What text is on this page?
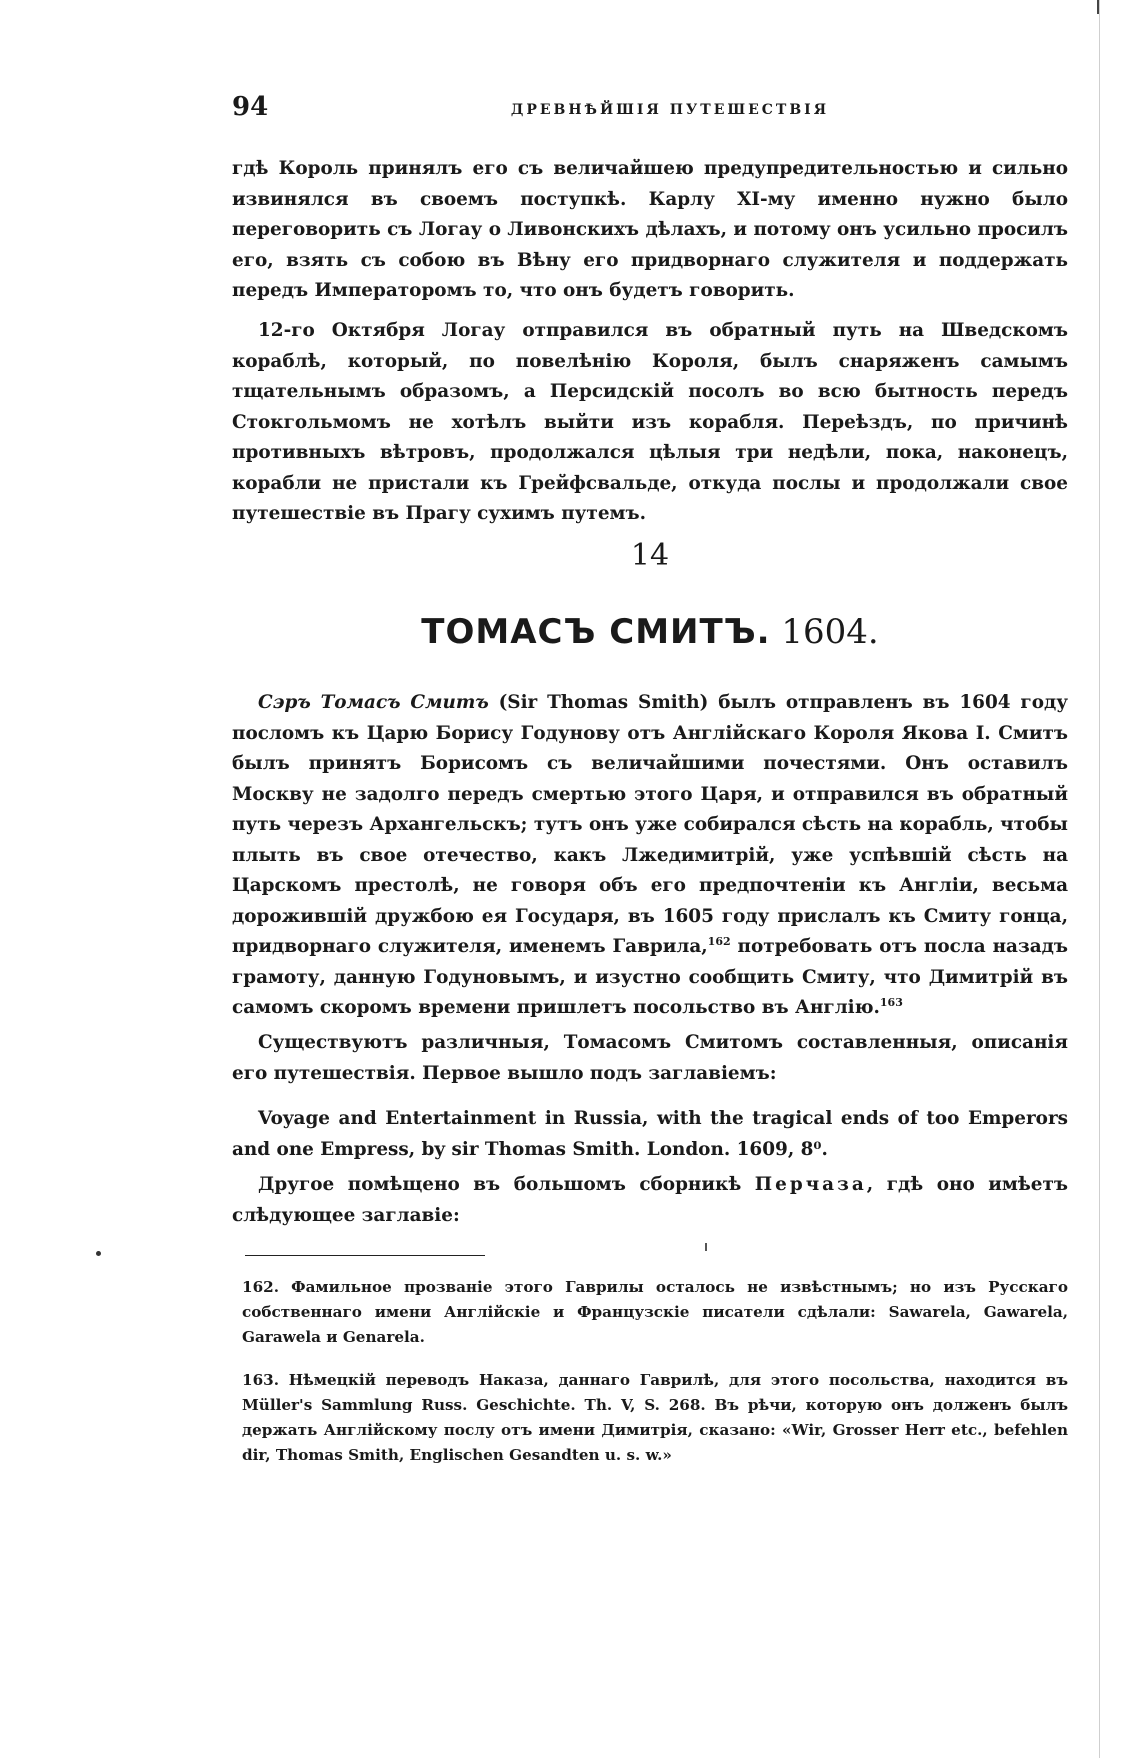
94	ДРЕВНѢЙШІЯ ПУТЕШЕСТВІЯ
гдѣ Король принялъ его съ величайшею предупредительностью и сильно извинялся въ своемъ поступкѣ. Карлу XI-му именно нужно было переговорить съ Логау о Ливонскихъ дѣлахъ, и потому онъ усильно просилъ его, взять съ собою въ Вѣну его придворнаго служителя и поддержать передъ Императоромъ то, что онъ будетъ говорить.
12-го Октября Логау отправился въ обратный путь на Шведскомъ кораблѣ, который, по повелѣнію Короля, былъ снаряженъ самымъ тщательнымъ образомъ, а Персидскій посолъ во всю бытность передъ Стокгольмомъ не хотѣлъ выйти изъ корабля. Переѣздъ, по причинѣ противныхъ вѣтровъ, продолжался цѣлыя три недѣли, пока, наконецъ, корабли не пристали къ Грейфсвальде, откуда послы и продолжали свое путешествіе въ Прагу сухимъ путемъ.
14
ТОМАСЪ СМИТЪ. 1604.
Сэръ Томасъ Смитъ (Sir Thomas Smith) былъ отправленъ въ 1604 году посломъ къ Царю Борису Годунову отъ Англійскаго Короля Якова I. Смитъ былъ принятъ Борисомъ съ величайшими почестями. Онъ оставилъ Москву не задолго передъ смертью этого Царя, и отправился въ обратный путь черезъ Архангельскъ; тутъ онъ уже собирался сѣсть на корабль, чтобы плыть въ свое отечество, какъ Лжедимитрій, уже успѣвшій сѣсть на Царскомъ престолѣ, не говоря объ его предпочтеніи къ Англіи, весьма дорожившій дружбою ея Государя, въ 1605 году прислалъ къ Смиту гонца, придворнаго служителя, именемъ Гаврила,$^{162}$ потребовать отъ посла назадъ грамоту, данную Годуновымъ, и изустно сообщить Смиту, что Димитрій въ самомъ скоромъ времени пришлетъ посольство въ Англію.$^{163}$
Существуютъ различныя, Томасомъ Смитомъ составленныя, описанія его путешествія. Первое вышло подъ заглавіемъ:
Voyage and Entertainment in Russia, with the tragical ends of too Emperors and one Empress, by sir Thomas Smith. London. 1609, 8⁰.
Другое помѣщено въ большомъ сборникѣ Перчаза, гдѣ оно имѣетъ слѣдующее заглавіе:
162. Фамильное прозваніе этого Гаврилы осталось не извѣстнымъ; но изъ Русскаго собственнаго имени Англійскіе и Французскіе писатели сдѣлали: Sawarela, Gawarela, Garawela и Genarela.
163. Нѣмецкій переводъ Наказа, даннаго Гаврилѣ, для этого посольства, находится въ Müller's Sammlung Russ. Geschichte. Th. V, S. 268. Въ рѣчи, которую онъ долженъ былъ держать Англійскому послу отъ имени Димитрія, сказано: «Wir, Grosser Herr etc., befehlen dir, Thomas Smith, Englischen Gesandten u. s. w.»
